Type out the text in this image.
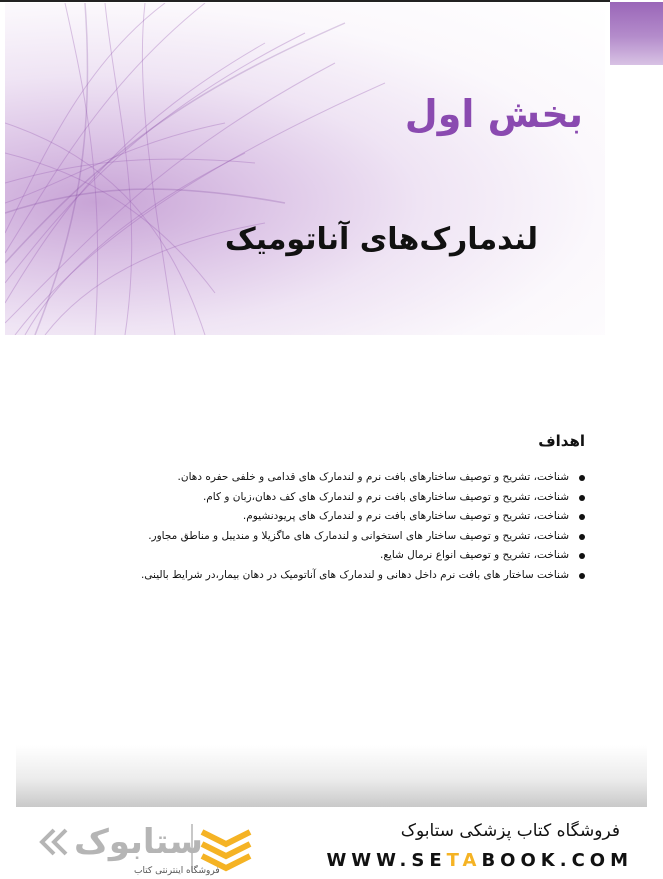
بخش اول
لندمارک‌های آناتومیک
اهداف
شناخت، تشریح و توصیف ساختارهای بافت نرم و لندمارک های قدامی و خلفی حفره دهان.
شناخت، تشریح و توصیف ساختارهای بافت نرم و لندمارک های کف دهان،زبان و کام.
شناخت، تشریح و توصیف ساختارهای بافت نرم و لندمارک های پریودنشیوم.
شناخت، تشریح و توصیف ساختار های استخوانی و لندمارک های ماگزیلا و مندیبل و مناطق مجاور.
شناخت، تشریح و توصیف انواع نرمال شایع.
شناخت ساختار های بافت نرم داخل دهانی و لندمارک های آناتومیک در دهان بیمار،در شرایط بالینی.
ستابوک
فروشگاه اینترنتی کتاب
فروشگاه کتاب پزشکی ستابوک
WWW.SETABOOK.COM
